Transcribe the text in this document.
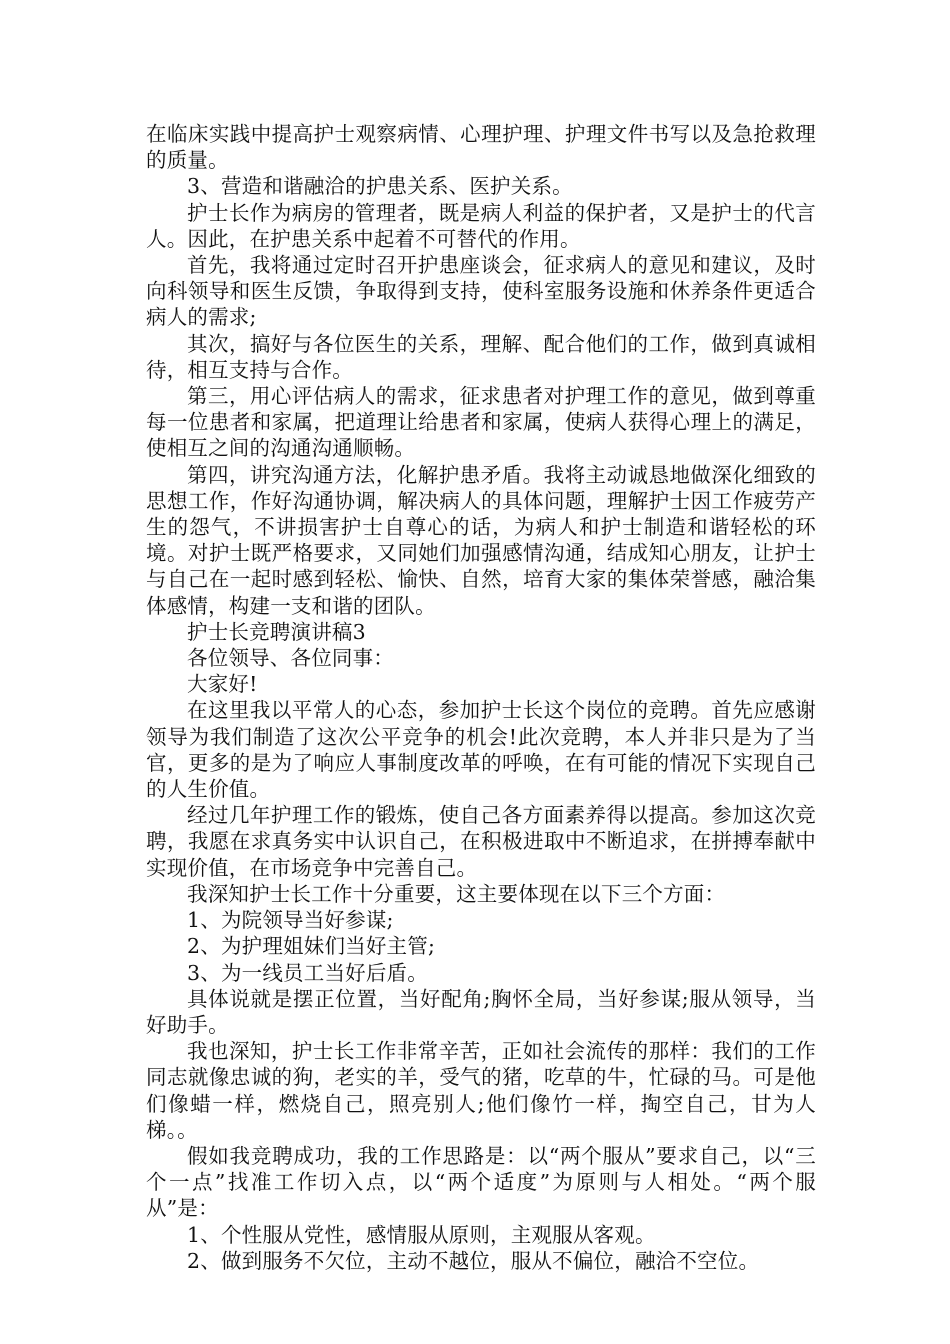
在临床实践中提高护士观察病情、心理护理、护理文件书写以及急抢救理的质量。

3、营造和谐融洽的护患关系、医护关系。

护士长作为病房的管理者，既是病人利益的保护者，又是护士的代言人。因此，在护患关系中起着不可替代的作用。

首先，我将通过定时召开护患座谈会，征求病人的意见和建议，及时向科领导和医生反馈，争取得到支持，使科室服务设施和休养条件更适合病人的需求;

其次，搞好与各位医生的关系，理解、配合他们的工作，做到真诚相待，相互支持与合作。

第三，用心评估病人的需求，征求患者对护理工作的意见，做到尊重每一位患者和家属，把道理让给患者和家属，使病人获得心理上的满足，使相互之间的沟通沟通顺畅。

第四，讲究沟通方法，化解护患矛盾。我将主动诚恳地做深化细致的思想工作，作好沟通协调，解决病人的具体问题，理解护士因工作疲劳产生的怨气，不讲损害护士自尊心的话，为病人和护士制造和谐轻松的环境。对护士既严格要求，又同她们加强感情沟通，结成知心朋友，让护士与自己在一起时感到轻松、愉快、自然，培育大家的集体荣誉感，融洽集体感情，构建一支和谐的团队。

护士长竞聘演讲稿3

各位领导、各位同事：

大家好!

在这里我以平常人的心态，参加护士长这个岗位的竞聘。首先应感谢领导为我们制造了这次公平竞争的机会!此次竞聘，本人并非只是为了当官，更多的是为了响应人事制度改革的呼唤，在有可能的情况下实现自己的人生价值。

经过几年护理工作的锻炼，使自己各方面素养得以提高。参加这次竞聘，我愿在求真务实中认识自己，在积极进取中不断追求，在拼搏奉献中实现价值，在市场竞争中完善自己。

我深知护士长工作十分重要，这主要体现在以下三个方面：

1、为院领导当好参谋;

2、为护理姐妹们当好主管;

3、为一线员工当好后盾。

具体说就是摆正位置，当好配角;胸怀全局，当好参谋;服从领导，当好助手。

我也深知，护士长工作非常辛苦，正如社会流传的那样：我们的工作同志就像忠诚的狗，老实的羊，受气的猪，吃草的牛，忙碌的马。可是他们像蜡一样，燃烧自己，照亮别人;他们像竹一样，掏空自己，甘为人梯。。

假如我竞聘成功，我的工作思路是：以“两个服从”要求自己，以“三个一点”找准工作切入点，以“两个适度”为原则与人相处。“两个服从”是：

1、个性服从党性，感情服从原则，主观服从客观。

2、做到服务不欠位，主动不越位，服从不偏位，融洽不空位。
